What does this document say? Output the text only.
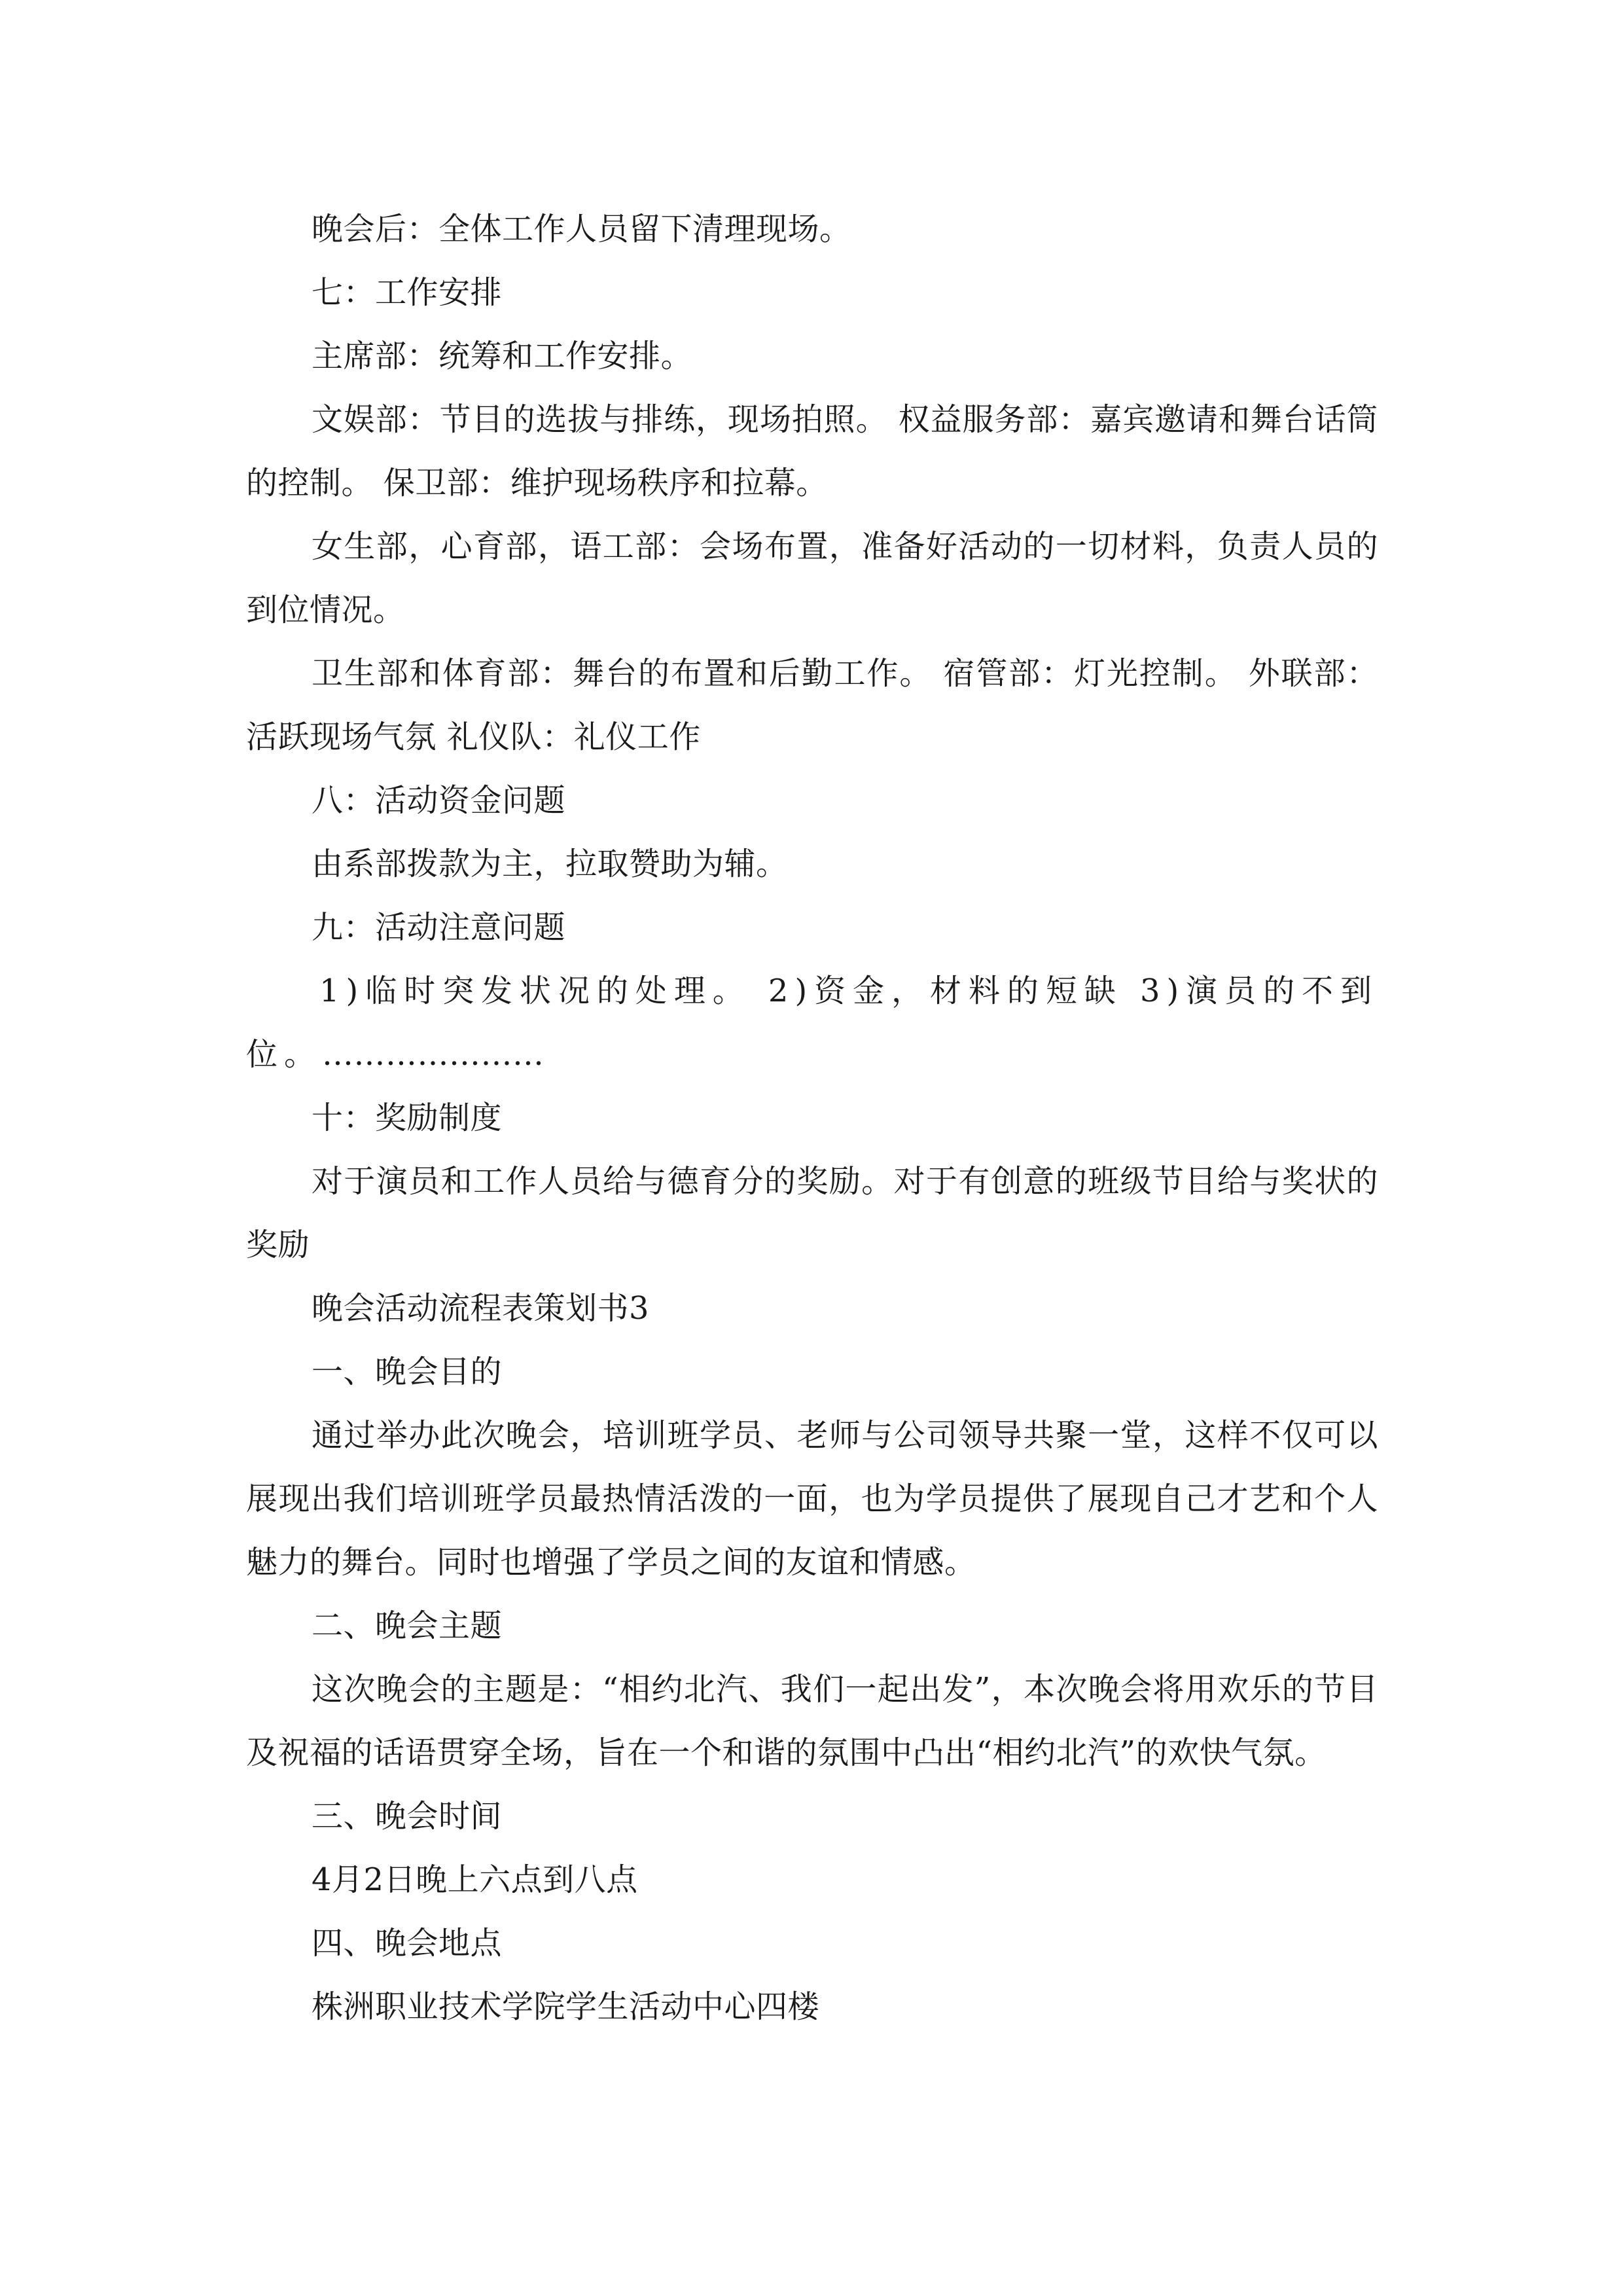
晚会后：全体工作人员留下清理现场。

七：工作安排

主席部：统筹和工作安排。

文娱部：节目的选拔与排练，现场拍照。 权益服务部：嘉宾邀请和舞台话筒的控制。 保卫部：维护现场秩序和拉幕。

女生部，心育部，语工部：会场布置，准备好活动的一切材料，负责人员的到位情况。

卫生部和体育部：舞台的布置和后勤工作。 宿管部：灯光控制。 外联部：活跃现场气氛 礼仪队：礼仪工作

八：活动资金问题

由系部拨款为主，拉取赞助为辅。

九：活动注意问题

1)临时突发状况的处理。 2)资金，材料的短缺 3)演员的不到位。…………………

十：奖励制度

对于演员和工作人员给与德育分的奖励。对于有创意的班级节目给与奖状的奖励

晚会活动流程表策划书3

一、晚会目的

通过举办此次晚会，培训班学员、老师与公司领导共聚一堂，这样不仅可以展现出我们培训班学员最热情活泼的一面，也为学员提供了展现自己才艺和个人魅力的舞台。同时也增强了学员之间的友谊和情感。

二、晚会主题

这次晚会的主题是：“相约北汽、我们一起出发”，本次晚会将用欢乐的节目及祝福的话语贯穿全场，旨在一个和谐的氛围中凸出“相约北汽”的欢快气氛。

三、晚会时间

4月2日晚上六点到八点

四、晚会地点

株洲职业技术学院学生活动中心四楼
